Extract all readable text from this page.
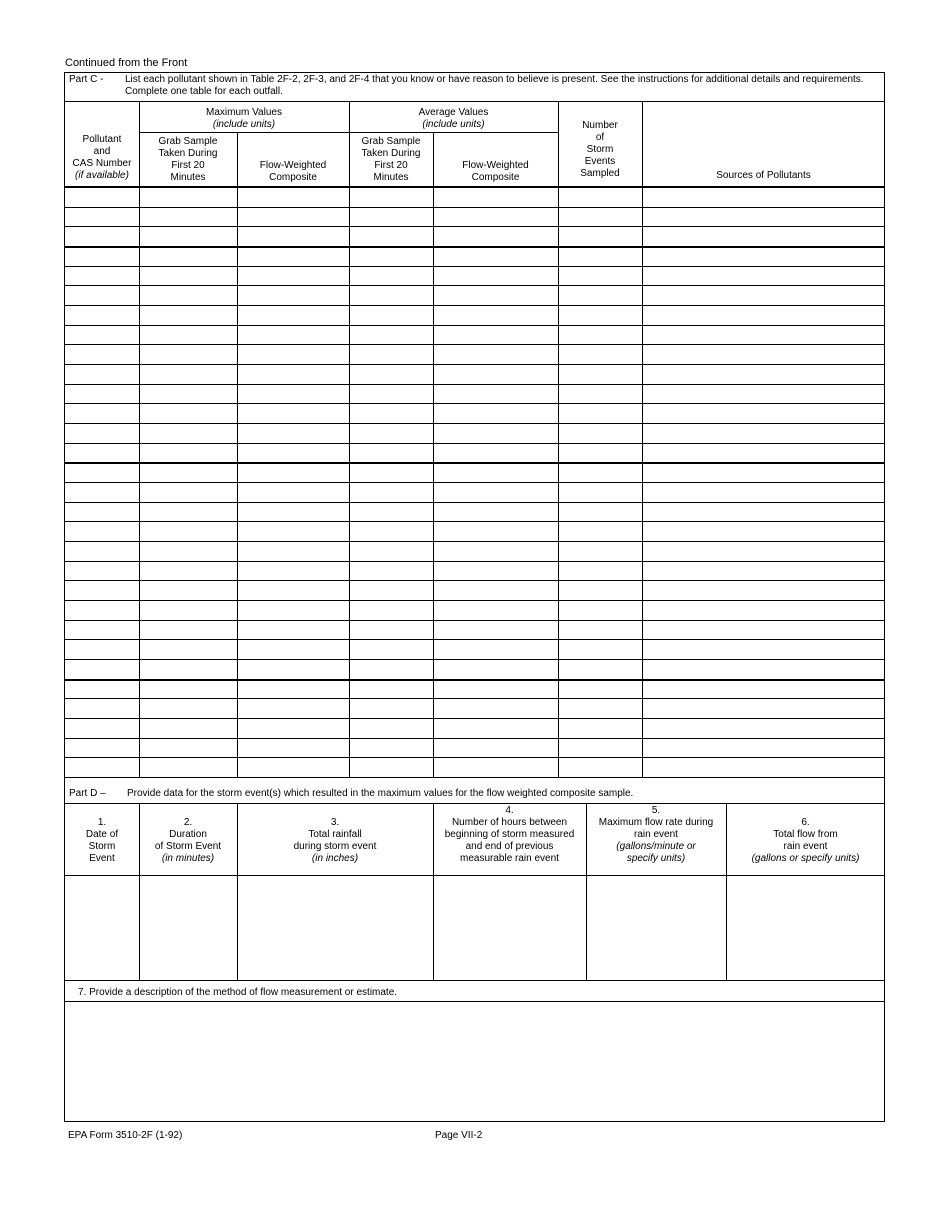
Continued from the Front
Part C - List each pollutant shown in Table 2F-2, 2F-3, and 2F-4 that you know or have reason to believe is present. See the instructions for additional details and requirements. Complete one table for each outfall.
Pollutant
and
CAS Number
(if available)
Maximum Values
(include units)
Average Values
(include units)
Grab Sample
Taken During
First 20
Minutes
Flow-Weighted
Composite
Grab Sample
Taken During
First 20
Minutes
Flow-Weighted
Composite
Number
of
Storm
Events
Sampled	Sources of Pollutants
Part D – Provide data for the storm event(s) which resulted in the maximum values for the flow weighted composite sample.
1.
Date of
Storm
Event
2.
Duration
of Storm Event
(in minutes)
3.
Total rainfall
during storm event
(in inches)
4.
Number of hours between
beginning of storm measured
and end of previous
measurable rain event
5.
Maximum flow rate during
rain event
(gallons/minute or
specify units)
6.
Total flow from
rain event
(gallons or specify units)
7. Provide a description of the method of flow measurement or estimate.
EPA Form 3510-2F (1-92)	Page VII-2
